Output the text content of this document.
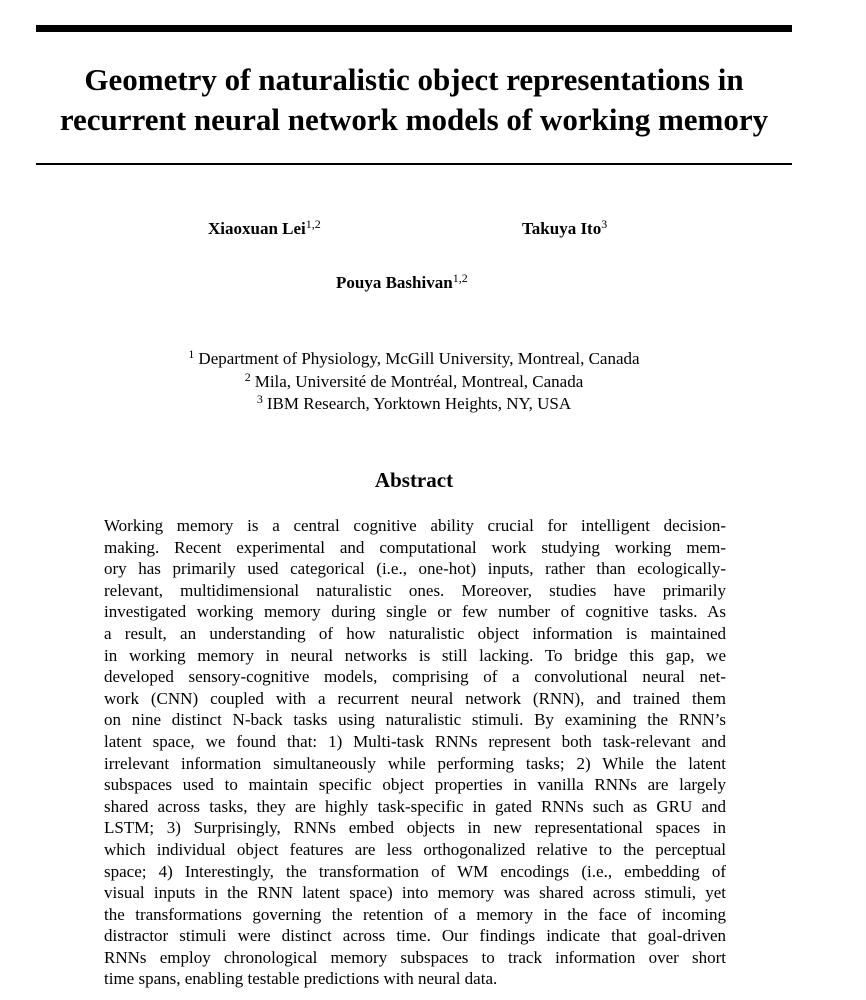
Geometry of naturalistic object representations in
recurrent neural network models of working memory
Xiaoxuan Lei$^{1,2}$	Takuya Ito$^3$
Pouya Bashivan$^{1,2}$
$^1$ Department of Physiology, McGill University, Montreal, Canada
$^2$ Mila, Université de Montréal, Montreal, Canada
$^3$ IBM Research, Yorktown Heights, NY, USA
Abstract
Working memory is a central cognitive ability crucial for intelligent decision-
making. Recent experimental and computational work studying working mem-
ory has primarily used categorical (i.e., one-hot) inputs, rather than ecologically-
relevant, multidimensional naturalistic ones. Moreover, studies have primarily
investigated working memory during single or few number of cognitive tasks. As
a result, an understanding of how naturalistic object information is maintained
in working memory in neural networks is still lacking. To bridge this gap, we
developed sensory-cognitive models, comprising of a convolutional neural net-
work (CNN) coupled with a recurrent neural network (RNN), and trained them
on nine distinct N-back tasks using naturalistic stimuli. By examining the RNN’s
latent space, we found that: 1) Multi-task RNNs represent both task-relevant and
irrelevant information simultaneously while performing tasks; 2) While the latent
subspaces used to maintain specific object properties in vanilla RNNs are largely
shared across tasks, they are highly task-specific in gated RNNs such as GRU and
LSTM; 3) Surprisingly, RNNs embed objects in new representational spaces in
which individual object features are less orthogonalized relative to the perceptual
space; 4) Interestingly, the transformation of WM encodings (i.e., embedding of
visual inputs in the RNN latent space) into memory was shared across stimuli, yet
the transformations governing the retention of a memory in the face of incoming
distractor stimuli were distinct across time. Our findings indicate that goal-driven
RNNs employ chronological memory subspaces to track information over short
time spans, enabling testable predictions with neural data.
